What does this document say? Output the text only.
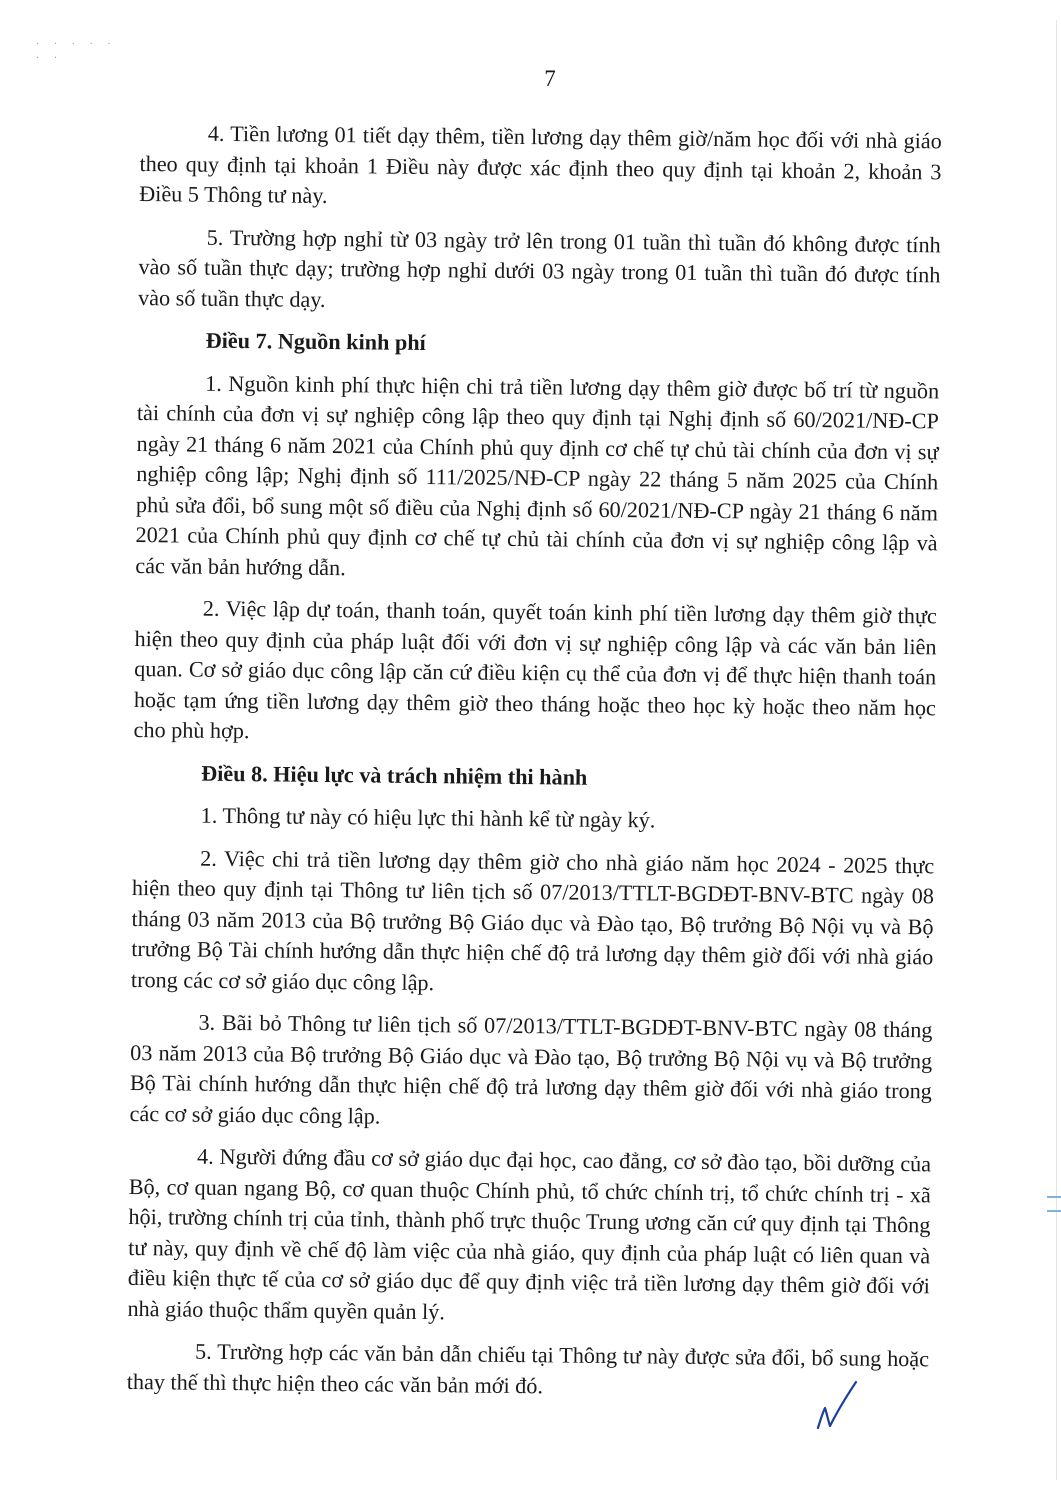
· · · · ·
· ·
7

4. Tiền lương 01 tiết dạy thêm, tiền lương dạy thêm giờ/năm học đối với nhà giáo theo quy định tại khoản 1 Điều này được xác định theo quy định tại khoản 2, khoản 3 Điều 5 Thông tư này.

5. Trường hợp nghỉ từ 03 ngày trở lên trong 01 tuần thì tuần đó không được tính vào số tuần thực dạy; trường hợp nghỉ dưới 03 ngày trong 01 tuần thì tuần đó được tính vào số tuần thực dạy.

Điều 7. Nguồn kinh phí

1. Nguồn kinh phí thực hiện chi trả tiền lương dạy thêm giờ được bố trí từ nguồn tài chính của đơn vị sự nghiệp công lập theo quy định tại Nghị định số 60/2021/NĐ-CP ngày 21 tháng 6 năm 2021 của Chính phủ quy định cơ chế tự chủ tài chính của đơn vị sự nghiệp công lập; Nghị định số 111/2025/NĐ-CP ngày 22 tháng 5 năm 2025 của Chính phủ sửa đổi, bổ sung một số điều của Nghị định số 60/2021/NĐ-CP ngày 21 tháng 6 năm 2021 của Chính phủ quy định cơ chế tự chủ tài chính của đơn vị sự nghiệp công lập và các văn bản hướng dẫn.

2. Việc lập dự toán, thanh toán, quyết toán kinh phí tiền lương dạy thêm giờ thực hiện theo quy định của pháp luật đối với đơn vị sự nghiệp công lập và các văn bản liên quan. Cơ sở giáo dục công lập căn cứ điều kiện cụ thể của đơn vị để thực hiện thanh toán hoặc tạm ứng tiền lương dạy thêm giờ theo tháng hoặc theo học kỳ hoặc theo năm học cho phù hợp.

Điều 8. Hiệu lực và trách nhiệm thi hành

1. Thông tư này có hiệu lực thi hành kể từ ngày ký.

2. Việc chi trả tiền lương dạy thêm giờ cho nhà giáo năm học 2024 - 2025 thực hiện theo quy định tại Thông tư liên tịch số 07/2013/TTLT-BGDĐT-BNV-BTC ngày 08 tháng 03 năm 2013 của Bộ trưởng Bộ Giáo dục và Đào tạo, Bộ trưởng Bộ Nội vụ và Bộ trưởng Bộ Tài chính hướng dẫn thực hiện chế độ trả lương dạy thêm giờ đối với nhà giáo trong các cơ sở giáo dục công lập.

3. Bãi bỏ Thông tư liên tịch số 07/2013/TTLT-BGDĐT-BNV-BTC ngày 08 tháng 03 năm 2013 của Bộ trưởng Bộ Giáo dục và Đào tạo, Bộ trưởng Bộ Nội vụ và Bộ trưởng Bộ Tài chính hướng dẫn thực hiện chế độ trả lương dạy thêm giờ đối với nhà giáo trong các cơ sở giáo dục công lập.

4. Người đứng đầu cơ sở giáo dục đại học, cao đẳng, cơ sở đào tạo, bồi dưỡng của Bộ, cơ quan ngang Bộ, cơ quan thuộc Chính phủ, tổ chức chính trị, tổ chức chính trị - xã hội, trường chính trị của tỉnh, thành phố trực thuộc Trung ương căn cứ quy định tại Thông tư này, quy định về chế độ làm việc của nhà giáo, quy định của pháp luật có liên quan và điều kiện thực tế của cơ sở giáo dục để quy định việc trả tiền lương dạy thêm giờ đối với nhà giáo thuộc thẩm quyền quản lý.

5. Trường hợp các văn bản dẫn chiếu tại Thông tư này được sửa đổi, bổ sung hoặc thay thế thì thực hiện theo các văn bản mới đó.
